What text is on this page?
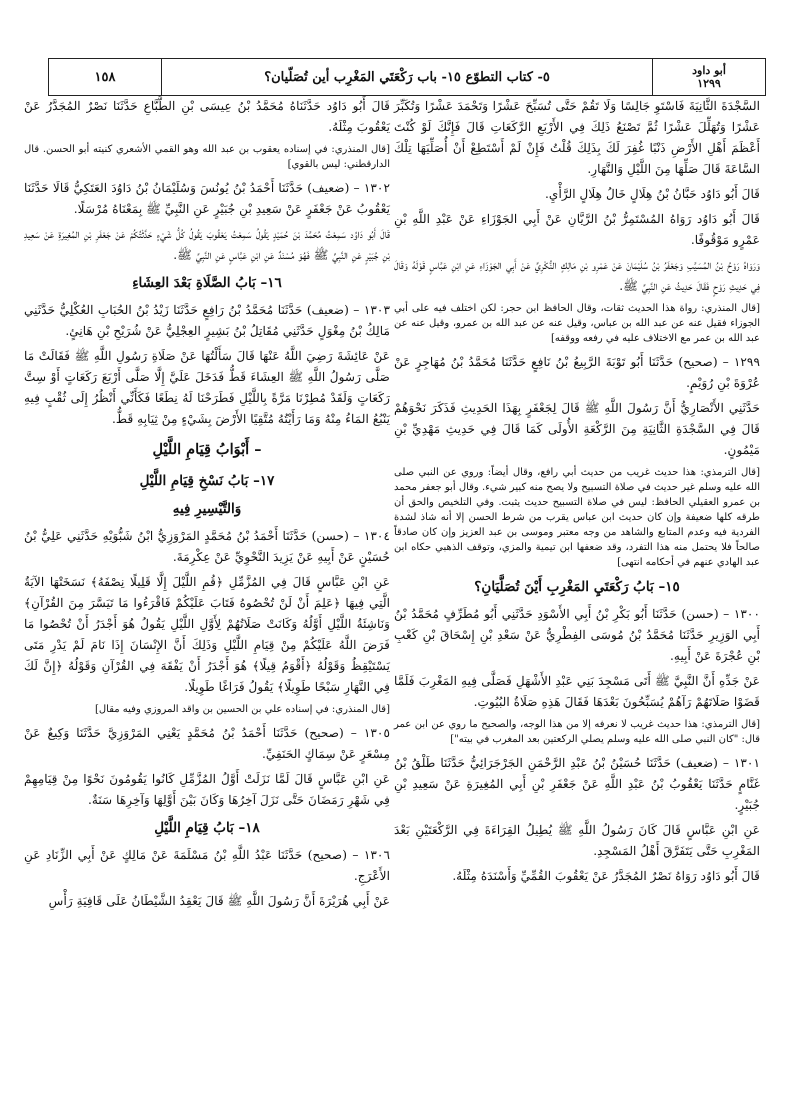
أبو داود
١٢٩٩
٥- كتاب التطوّع ١٥- باب رَكْعَتَي المَغْرِب أين تُصَلّيان؟
١٥٨

السَّجْدَةَ الثَّانِيَةَ فَاسْتَوِ جَالِسًا وَلَا تَقُمْ حَتَّى تُسَبِّحَ عَشْرًا وَتَحْمَدَ عَشْرًا وَتُكَبِّرَ عَشْرًا وَتُهَلِّلَ عَشْرًا ثُمَّ تَصْنَعُ ذَلِكَ فِي الأَرْبَعِ الرَّكَعَاتِ قَالَ فَإِنَّكَ لَوْ كُنْتَ أَعْظَمَ أَهْلِ الأَرْضِ ذَنْبًا غُفِرَ لَكَ بِذَلِكَ قُلْتُ فَإِنْ لَمْ أَسْتَطِعْ أَنْ أُصَلِّيَهَا تِلْكَ السَّاعَةَ قَالَ صَلِّهَا مِنَ اللَّيْلِ وَالنَّهَارِ.

قَالَ أَبُو دَاوُد حَبَّانُ بْنُ هِلَالٍ خَالُ هِلَالٍ الرَّأْيِ.

قَالَ أَبُو دَاوُد رَوَاهُ المُسْتَمِرُّ بْنُ الرَّيَّانِ عَنْ أَبِي الجَوْزَاءِ عَنْ عَبْدِ اللَّهِ بْنِ عَمْرٍو مَوْقُوفًا.

وَرَوَاهُ رَوْحُ بْنُ المُسَيَّبِ وَجَعْفَرُ بْنُ سُلَيْمَانَ عَنْ عَمْرِو بْنِ مَالِكٍ النُّكْرِيِّ عَنْ أَبِي الجَوْزَاءِ عَنِ ابْنِ عَبَّاسٍ قَوْلَهُ وَقَالَ فِي حَدِيثِ رَوْحٍ فَقَالَ حَدِيثُ عَنِ النَّبِيِّ ﷺ.

[قال المنذري: رواة هذا الحديث ثقات، وقال الحافظ ابن حجر: لكن اختلف فيه على أبي الجوزاء فقيل عنه عن عبد الله بن عباس، وقيل عنه عن عبد الله بن عمرو، وقيل عنه عن عبد الله بن عمر مع الاختلاف عليه في رفعه ووقفه]

١٢٩٩ – (صحيح) حَدَّثَنَا أَبُو تَوْبَةَ الرَّبِيعُ بْنُ نَافِعٍ حَدَّثَنَا مُحَمَّدُ بْنُ مُهَاجِرٍ عَنْ عُرْوَةَ بْنِ رُوَيْمٍ.

حَدَّثَنِي الأَنْصَارِيُّ أَنَّ رَسُولَ اللَّهِ ﷺ قَالَ لِجَعْفَرٍ بِهَذَا الحَدِيثِ فَذَكَرَ نَحْوَهُمْ قَالَ فِي السَّجْدَةِ الثَّانِيَةِ مِنَ الرَّكْعَةِ الأُولَى كَمَا قَالَ فِي حَدِيثِ مَهْدِيِّ بْنِ مَيْمُونٍ.

[قال الترمذي: هذا حديث غريب من حديث أبي رافع، وقال أيضاً: وروي عن النبي صلى الله عليه وسلم غير حديث في صلاة التسبيح ولا يصح منه كبير شيء. وقال أبو جعفر محمد بن عمرو العقيلي الحافظ: ليس في صلاة التسبيح حديث يثبت. وفي التلخيص والحق أن طرقه كلها ضعيفة وإن كان حديث ابن عباس يقرب من شرط الحسن إلا أنه شاذ لشدة الفردية فيه وعدم المتابع والشاهد من وجه معتبر وموسى بن عبد العزيز وإن كان صادقاً صالحاً فلا يحتمل منه هذا التفرد، وقد ضعفها ابن تيمية والمزي، وتوقف الذهبي حكاه ابن عبد الهادي عنهم في أحكامه انتهى]

١٥– بَابُ رَكْعَتَيِ المَغْرِبِ أَيْنَ تُصَلَّيَانِ؟

١٣٠٠ – (حسن) حَدَّثَنَا أَبُو بَكْرِ بْنُ أَبِي الأَسْوَدِ حَدَّثَنِي أَبُو مُطَرِّفٍ مُحَمَّدُ بْنُ أَبِي الوَزِيرِ حَدَّثَنَا مُحَمَّدُ بْنُ مُوسَى الفِطْرِيُّ عَنْ سَعْدِ بْنِ إِسْحَاقَ بْنِ كَعْبِ بْنِ عُجْرَةَ عَنْ أَبِيهِ.

عَنْ جَدِّهِ أَنَّ النَّبِيَّ ﷺ أَتَى مَسْجِدَ بَنِي عَبْدِ الأَشْهَلِ فَصَلَّى فِيهِ المَغْرِبَ فَلَمَّا قَضَوْا صَلَاتَهُمْ رَآهُمْ يُسَبِّحُونَ بَعْدَهَا فَقَالَ هَذِهِ صَلَاةُ البُيُوتِ.

[قال الترمذي: هذا حديث غريب لا نعرفه إلا من هذا الوجه، والصحيح ما روي عن ابن عمر قال: "كان النبي صلى الله عليه وسلم يصلي الركعتين بعد المغرب في بيته"]

١٣٠١ – (ضعيف) حَدَّثَنَا حُسَيْنُ بْنُ عَبْدِ الرَّحْمَنِ الجَرْجَرَائِيُّ حَدَّثَنَا طَلْقُ بْنُ غَنَّامٍ حَدَّثَنَا يَعْقُوبُ بْنُ عَبْدِ اللَّهِ عَنْ جَعْفَرِ بْنِ أَبِي المُغِيرَةِ عَنْ سَعِيدِ بْنِ جُبَيْرٍ.

عَنِ ابْنِ عَبَّاسٍ قَالَ كَانَ رَسُولُ اللَّهِ ﷺ يُطِيلُ القِرَاءَةَ فِي الرَّكْعَتَيْنِ بَعْدَ المَغْرِبِ حَتَّى يَتَفَرَّقَ أَهْلُ المَسْجِدِ.

قَالَ أَبُو دَاوُد رَوَاهُ نَصْرٌ المُجَدَّرُ عَنْ يَعْقُوبَ القُمِّيِّ وَأَسْنَدَهُ مِثْلَهُ.

قَالَ أَبُو دَاوُد حَدَّثَنَاهُ مُحَمَّدُ بْنُ عِيسَى بْنِ الطَّبَّاعِ حَدَّثَنَا نَصْرٌ المُجَدَّرُ عَنْ يَعْقُوبَ مِثْلَهُ.

[قال المنذري: في إسناده يعقوب بن عبد الله وهو القمي الأشعري كنيته أبو الحسن. قال الدارقطني: ليس بالقوي]

١٣٠٢ – (ضعيف) حَدَّثَنَا أَحْمَدُ بْنُ يُونُسَ وَسُلَيْمَانُ بْنُ دَاوُدَ العَتَكِيُّ قَالَا حَدَّثَنَا يَعْقُوبُ عَنْ جَعْفَرٍ عَنْ سَعِيدِ بْنِ جُبَيْرٍ عَنِ النَّبِيِّ ﷺ بِمَعْنَاهُ مُرْسَلًا.

قَالَ أَبُو دَاوُد سَمِعْتُ مُحَمَّدَ بْنَ حُمَيْدٍ يَقُولُ سَمِعْتُ يَعْقُوبَ يَقُولُ كُلُّ شَيْءٍ حَدَّثْتُكُمْ عَنْ جَعْفَرِ بْنِ المُغِيرَةِ عَنْ سَعِيدِ بْنِ جُبَيْرٍ عَنِ النَّبِيِّ ﷺ فَهُوَ مُسْنَدٌ عَنِ ابْنِ عَبَّاسٍ عَنِ النَّبِيِّ ﷺ.

١٦– بَابُ الصَّلَاةِ بَعْدَ العِشَاءِ

١٣٠٣ – (ضعيف) حَدَّثَنَا مُحَمَّدُ بْنُ رَافِعٍ حَدَّثَنَا زَيْدُ بْنُ الحُبَابِ العُكْلِيُّ حَدَّثَنِي مَالِكُ بْنُ مِغْوَلٍ حَدَّثَنِي مُقَاتِلُ بْنُ بَشِيرٍ العِجْلِيُّ عَنْ شُرَيْحِ بْنِ هَانِئٍ.

عَنْ عَائِشَةَ رَضِيَ اللَّهُ عَنْهَا قَالَ سَأَلْتُهَا عَنْ صَلَاةِ رَسُولِ اللَّهِ ﷺ فَقَالَتْ مَا صَلَّى رَسُولُ اللَّهِ ﷺ العِشَاءَ قَطُّ فَدَخَلَ عَلَيَّ إِلَّا صَلَّى أَرْبَعَ رَكَعَاتٍ أَوْ سِتَّ رَكَعَاتٍ وَلَقَدْ مُطِرْنَا مَرَّةً بِاللَّيْلِ فَطَرَحْنَا لَهُ نِطَعًا فَكَأَنِّي أَنْظُرُ إِلَى ثُقْبٍ فِيهِ يَنْبُعُ المَاءُ مِنْهُ وَمَا رَأَيْتُهُ مُتَّقِيًا الأَرْضَ بِشَيْءٍ مِنْ ثِيَابِهِ قَطُّ.

– أَبْوَابُ قِيَامِ اللَّيْلِ
١٧– بَابُ نَسْخِ قِيَامِ اللَّيْلِ
وَالتَّيْسِيرِ فِيهِ

١٣٠٤ – (حسن) حَدَّثَنَا أَحْمَدُ بْنُ مُحَمَّدٍ المَرْوَزِيُّ ابْنُ شَبُّوَيْهِ حَدَّثَنِي عَلِيُّ بْنُ حُسَيْنٍ عَنْ أَبِيهِ عَنْ يَزِيدَ النَّحْوِيِّ عَنْ عِكْرِمَةَ.

عَنِ ابْنِ عَبَّاسٍ قَالَ فِي المُزَّمِّلِ ﴿قُمِ اللَّيْلَ إِلَّا قَلِيلًا نِصْفَهُ﴾ نَسَخَتْهَا الآيَةُ الَّتِي فِيهَا ﴿عَلِمَ أَنْ لَنْ تُحْصُوهُ فَتَابَ عَلَيْكُمْ فَاقْرَءُوا مَا تَيَسَّرَ مِنَ القُرْآنِ﴾ وَنَاشِئَةُ اللَّيْلِ أَوَّلُهُ وَكَانَتْ صَلَاتُهُمْ لِأَوَّلِ اللَّيْلِ يَقُولُ هُوَ أَجْدَرُ أَنْ تُحْصُوا مَا فَرَضَ اللَّهُ عَلَيْكُمْ مِنْ قِيَامِ اللَّيْلِ وَذَلِكَ أَنَّ الإِنْسَانَ إِذَا نَامَ لَمْ يَدْرِ مَتَى يَسْتَيْقِظُ وَقَوْلُهُ ﴿أَقْوَمُ قِيلًا﴾ هُوَ أَجْدَرُ أَنْ يَفْقَهَ فِي القُرْآنِ وَقَوْلُهُ ﴿إِنَّ لَكَ فِي النَّهَارِ سَبْحًا طَوِيلًا﴾ يَقُولُ فَرَاغًا طَوِيلًا.

[قال المنذري: في إسناده علي بن الحسين بن واقد المروزي وفيه مقال]

١٣٠٥ – (صحيح) حَدَّثَنَا أَحْمَدُ بْنُ مُحَمَّدٍ يَعْنِي المَرْوَزِيَّ حَدَّثَنَا وَكِيعٌ عَنْ مِسْعَرٍ عَنْ سِمَاكٍ الحَنَفِيِّ.

عَنِ ابْنِ عَبَّاسٍ قَالَ لَمَّا نَزَلَتْ أَوَّلُ المُزَّمِّلِ كَانُوا يَقُومُونَ نَحْوًا مِنْ قِيَامِهِمْ فِي شَهْرِ رَمَضَانَ حَتَّى نَزَلَ آخِرُهَا وَكَانَ بَيْنَ أَوَّلِهَا وَآخِرِهَا سَنَةٌ.

١٨– بَابُ قِيَامِ اللَّيْلِ

١٣٠٦ – (صحيح) حَدَّثَنَا عَبْدُ اللَّهِ بْنُ مَسْلَمَةَ عَنْ مَالِكٍ عَنْ أَبِي الزِّنَادِ عَنِ الأَعْرَجِ.

عَنْ أَبِي هُرَيْرَةَ أَنَّ رَسُولَ اللَّهِ ﷺ قَالَ يَعْقِدُ الشَّيْطَانُ عَلَى قَافِيَةِ رَأْسِ
